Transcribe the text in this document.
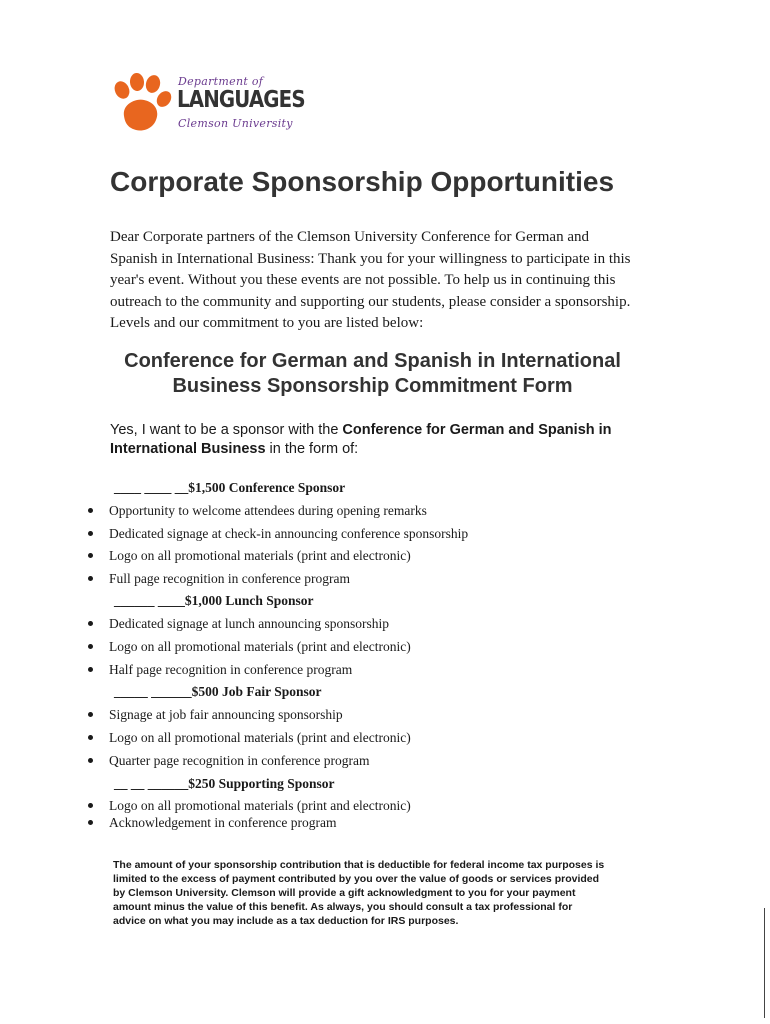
Department of
LANGUAGES
Clemson University
Corporate Sponsorship Opportunities

Dear Corporate partners of the Clemson University Conference for German and
Spanish in International Business: Thank you for your willingness to participate in this
year's event. Without you these events are not possible. To help us in continuing this
outreach to the community and supporting our students, please consider a sponsorship.
Levels and our commitment to you are listed below:

Conference for German and Spanish in International
Business Sponsorship Commitment Form

Yes, I want to be a sponsor with the Conference for German and Spanish in International Business in the form of:

____ ____ __$1,500 Conference Sponsor

Opportunity to welcome attendees during opening remarks

Dedicated signage at check-in announcing conference sponsorship

Logo on all promotional materials (print and electronic)

Full page recognition in conference program

______ ____$1,000 Lunch Sponsor

Dedicated signage at lunch announcing sponsorship

Logo on all promotional materials (print and electronic)

Half page recognition in conference program

_____ ______$500 Job Fair Sponsor

Signage at job fair announcing sponsorship

Logo on all promotional materials (print and electronic)

Quarter page recognition in conference program

__ __ ______$250 Supporting Sponsor

Logo on all promotional materials (print and electronic)

Acknowledgement in conference program

The amount of your sponsorship contribution that is deductible for federal income tax purposes is
limited to the excess of payment contributed by you over the value of goods or services provided
by Clemson University. Clemson will provide a gift acknowledgment to you for your payment
amount minus the value of this benefit. As always, you should consult a tax professional for
advice on what you may include as a tax deduction for IRS purposes.
